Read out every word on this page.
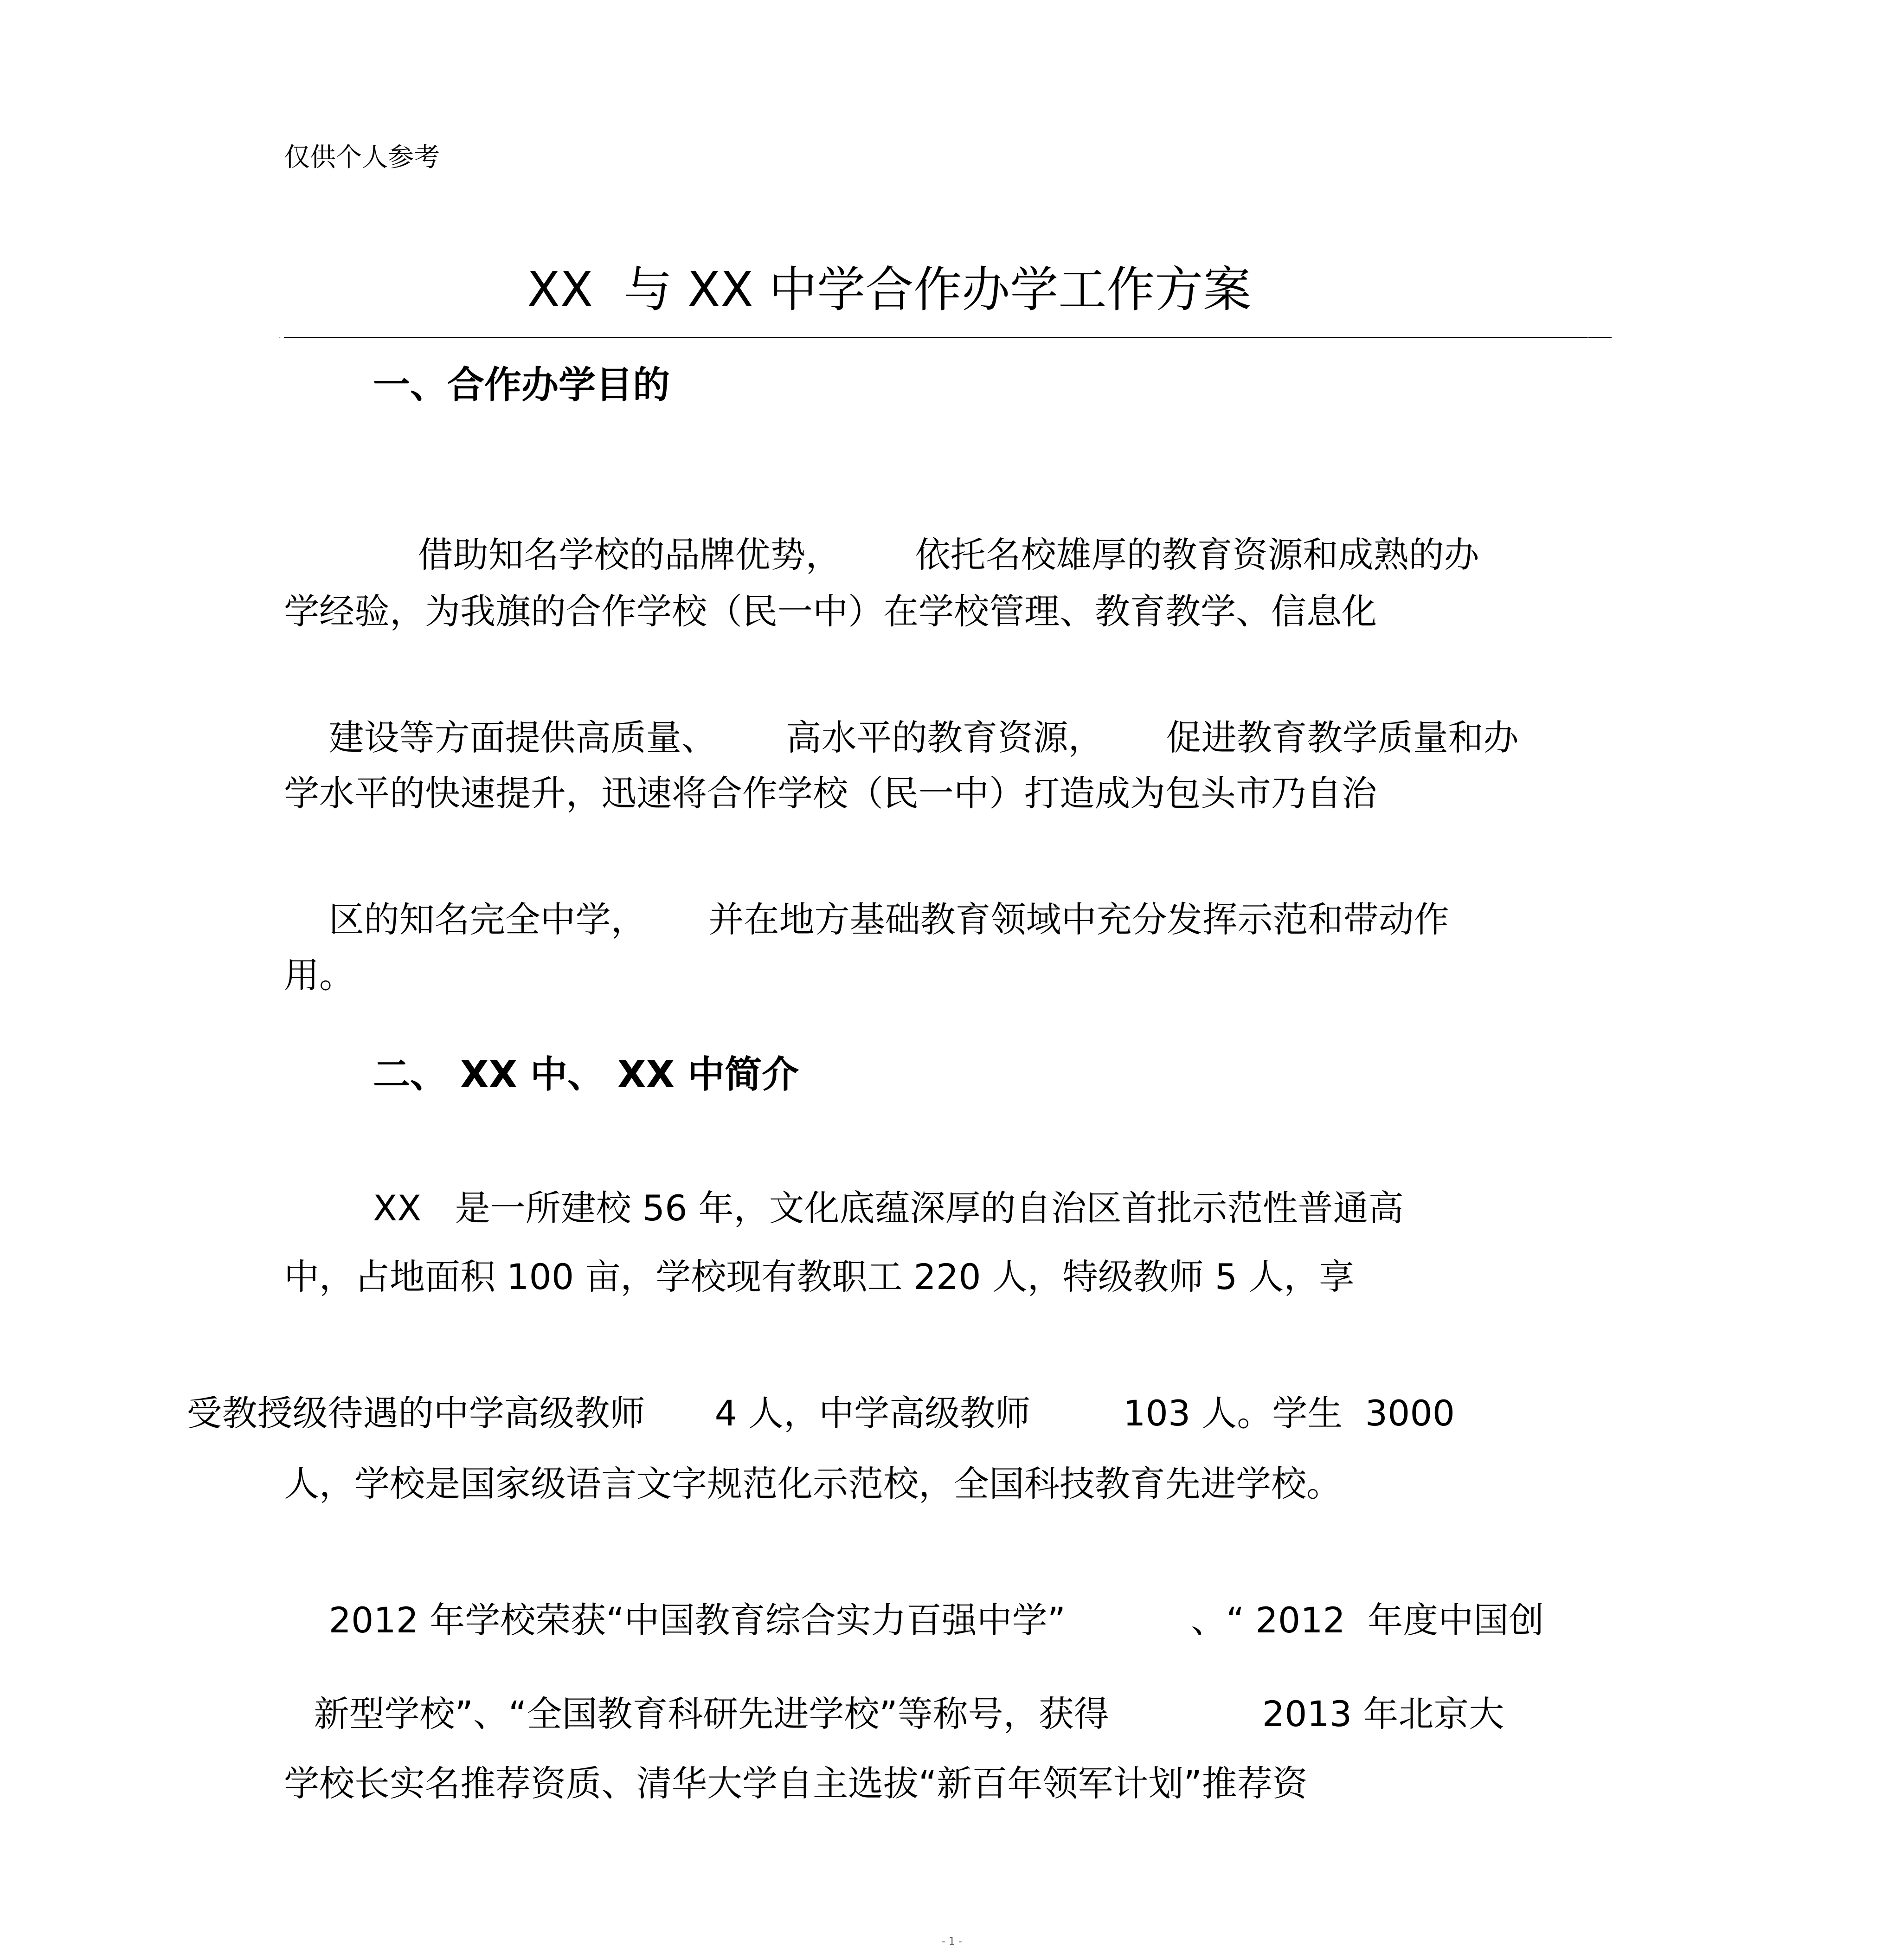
仅供个人参考
XX  与 XX 中学合作办学工作方案
·	·
一、合作办学目的

借助知名学校的品牌优势， 依托名校雄厚的教育资源和成熟的办

学经验，为我旗的合作学校（民一中）在学校管理、教育教学、信息化

建设等方面提供高质量、 高水平的教育资源， 促进教育教学质量和办

学水平的快速提升，迅速将合作学校（民一中）打造成为包头市乃自治

区的知名完全中学， 并在地方基础教育领域中充分发挥示范和带动作

用。
二、 XX 中、 XX 中简介
XX   是一所建校 56 年，文化底蕴深厚的自治区首批示范性普通高
中，占地面积 100 亩，学校现有教职工 220 人，特级教师 5 人，享

受教授级待遇的中学高级教师 4 人，中学高级教师	103 人。学生  3000

人，学校是国家级语言文字规范化示范校，全国科技教育先进学校。

2012 年学校荣获“中国教育综合实力百强中学”	、“ 2012  年度中国创

新型学校”、“全国教育科研先进学校”等称号，获得	2013 年北京大

学校长实名推荐资质、清华大学自主选拔“新百年领军计划”推荐资
- 1 -
